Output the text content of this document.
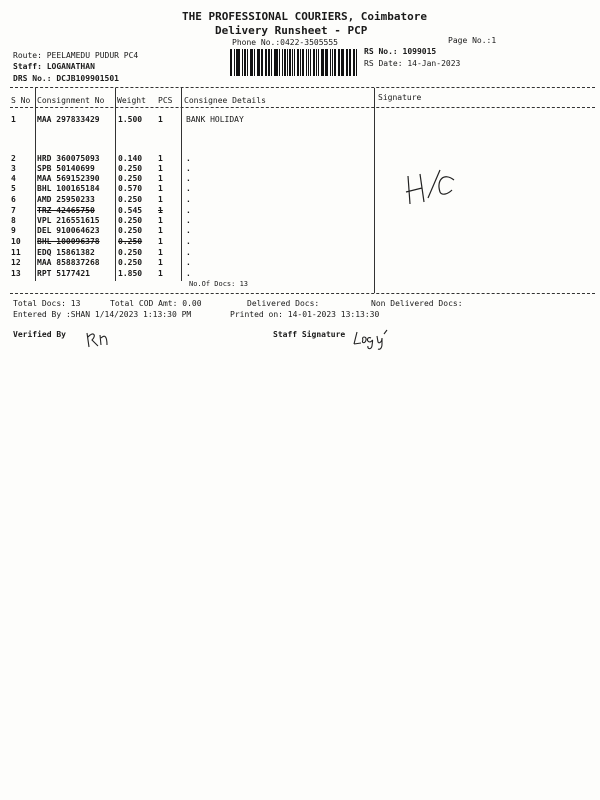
THE PROFESSIONAL COURIERS, Coimbatore
Delivery Runsheet - PCP
Phone No.:0422-3505555	Page No.:1
Route: PEELAMEDU PUDUR PC4
Staff: LOGANATHAN
DRS No.: DCJB109901501
RS No.: 1099015
RS Date: 14-Jan-2023
S No Consignment No Weight PCS Consignee Details	Signature
1	MAA 297833429 1.500 1	BANK HOLIDAY
2	HRD 360075093 0.140 1	.
3	SPB 50140699	0.250 1	.
4	MAA 569152390 0.250 1	.
5	BHL 100165184 0.570 1	.
6	AMD 25950233	0.250 1	.
7	TRZ 42465750	0.545 1	.
8	VPL 216551615 0.250 1	.
9	DEL 910064623 0.250 1	.
10 BHL 100096378 0.250 1	.
11 EDQ 15861382	0.250 1	.
12 MAA 858837268 0.250 1	.
13 RPT 5177421	1.850 1	.
No.Of Docs: 13
Total Docs: 13	Total COD Amt: 0.00	Delivered Docs:	Non Delivered Docs:
Entered By :SHAN 1/14/2023 1:13:30 PM	Printed on: 14-01-2023 13:13:30
Verified By	Staff Signature
